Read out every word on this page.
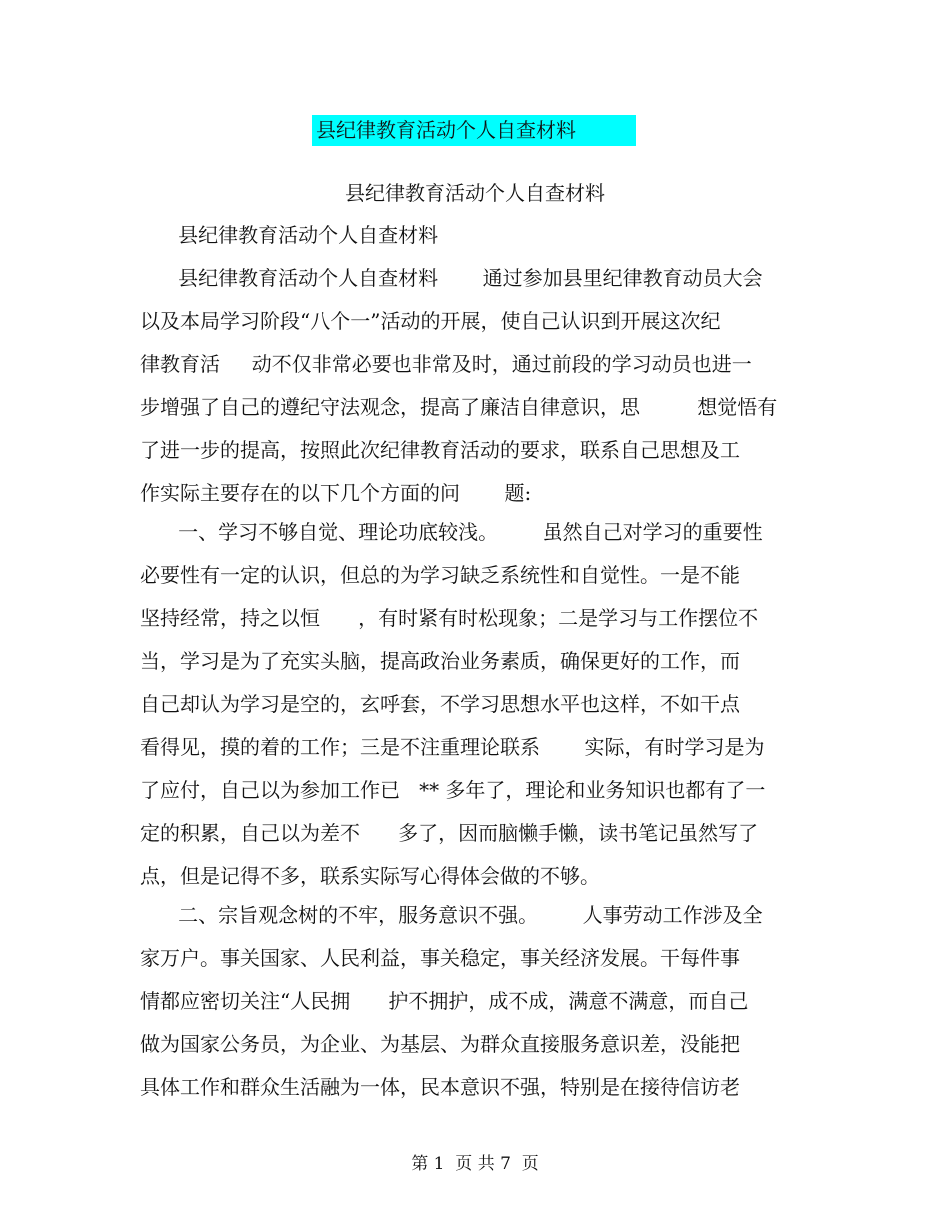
县纪律教育活动个人自查材料
县纪律教育活动个人自查材料
县纪律教育活动个人自查材料
县纪律教育活动个人自查材料       通过参加县里纪律教育动员大会
以及本局学习阶段“八个一”活动的开展，使自己认识到开展这次纪
律教育活     动不仅非常必要也非常及时，通过前段的学习动员也进一
步增强了自己的遵纪守法观念，提高了廉洁自律意识，思         想觉悟有
了进一步的提高，按照此次纪律教育活动的要求，联系自己思想及工
作实际主要存在的以下几个方面的问       题:
一、学习不够自觉、理论功底较浅。       虽然自己对学习的重要性
必要性有一定的认识，但总的为学习缺乏系统性和自觉性。一是不能
坚持经常，持之以恒      ，有时紧有时松现象；二是学习与工作摆位不
当，学习是为了充实头脑，提高政治业务素质，确保更好的工作，而
自己却认为学习是空的，玄呼套，不学习思想水平也这样，不如干点
看得见，摸的着的工作；三是不注重理论联系       实际，有时学习是为
了应付，自己以为参加工作已   ** 多年了，理论和业务知识也都有了一
定的积累，自己以为差不      多了，因而脑懒手懒，读书笔记虽然写了
点，但是记得不多，联系实际写心得体会做的不够。
二、宗旨观念树的不牢，服务意识不强。       人事劳动工作涉及全
家万户。事关国家、人民利益，事关稳定，事关经济发展。干每件事
情都应密切关注“人民拥      护不拥护，成不成，满意不满意，而自己
做为国家公务员，为企业、为基层、为群众直接服务意识差，没能把
具体工作和群众生活融为一体，民本意识不强，特别是在接待信访老
第 1  页 共 7  页
